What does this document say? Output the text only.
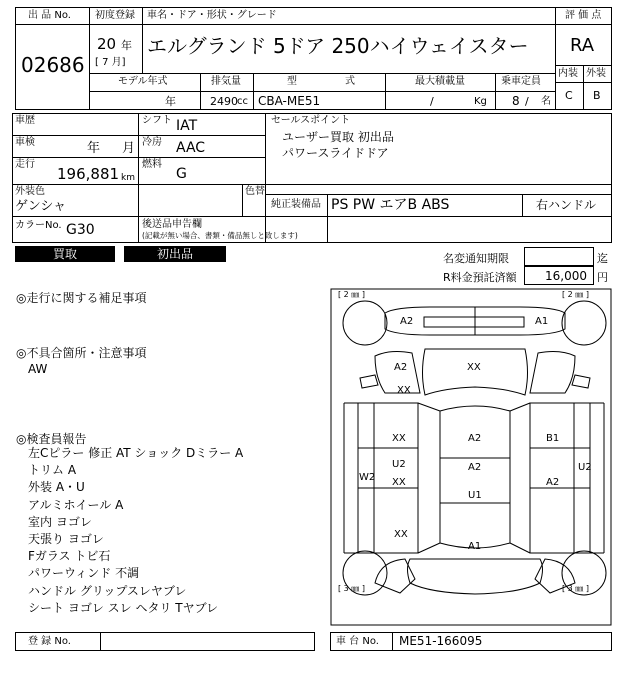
出 品 No.
02686
初度登録 車名・ドア・形状・グレード
20 年
[ 7 月]
エルグランド 5ドア 250ハイウェイスター
モデル年式	排気量	型	式	最大積載量	乗車定員
年	2490 cc CBA-ME51	/	Kg 8 / 名
評 価 点
RA
内装 外装
C B
車歴
車検	年 月
走行
196,881 km
シフト IAT
冷房 AAC
燃料
G
外装色
ゲンシャ
色替
カラーNo. G30	後送品申告欄
(記載が無い場合、書類・備品無しと致します)
セールスポイント
ユーザー買取 初出品
パワースライドドア
純正装備品 PS PW エアB ABS	右ハンドル
買取	初出品	名変通知期限	迄
R料金預託済額 16,000 円
◎走行に関する補足事項
◎不具合箇所・注意事項
AW
◎検査員報告
左Cピラー 修正 AT ショック Dミラー A
トリム A
外装 A・U
アルミホイール A
室内 ヨゴレ
天張り ヨゴレ
Fガラス トビ石
パワーウィンド 不調
ハンドル グリップスレヤブレ
シート ヨゴレ スレ ヘタリ Tヤブレ
[ 2 ㎜ ]	[ 2 ㎜ ]
[ 3 ㎜ ]	[ 3 ㎜ ]
A2	A1
XX
A2
XX
XX
U2
XX
W2
XX
A2
A2
U1
A1
B1
A2
U2
登 録 No.	車 台 No. ME51-166095
